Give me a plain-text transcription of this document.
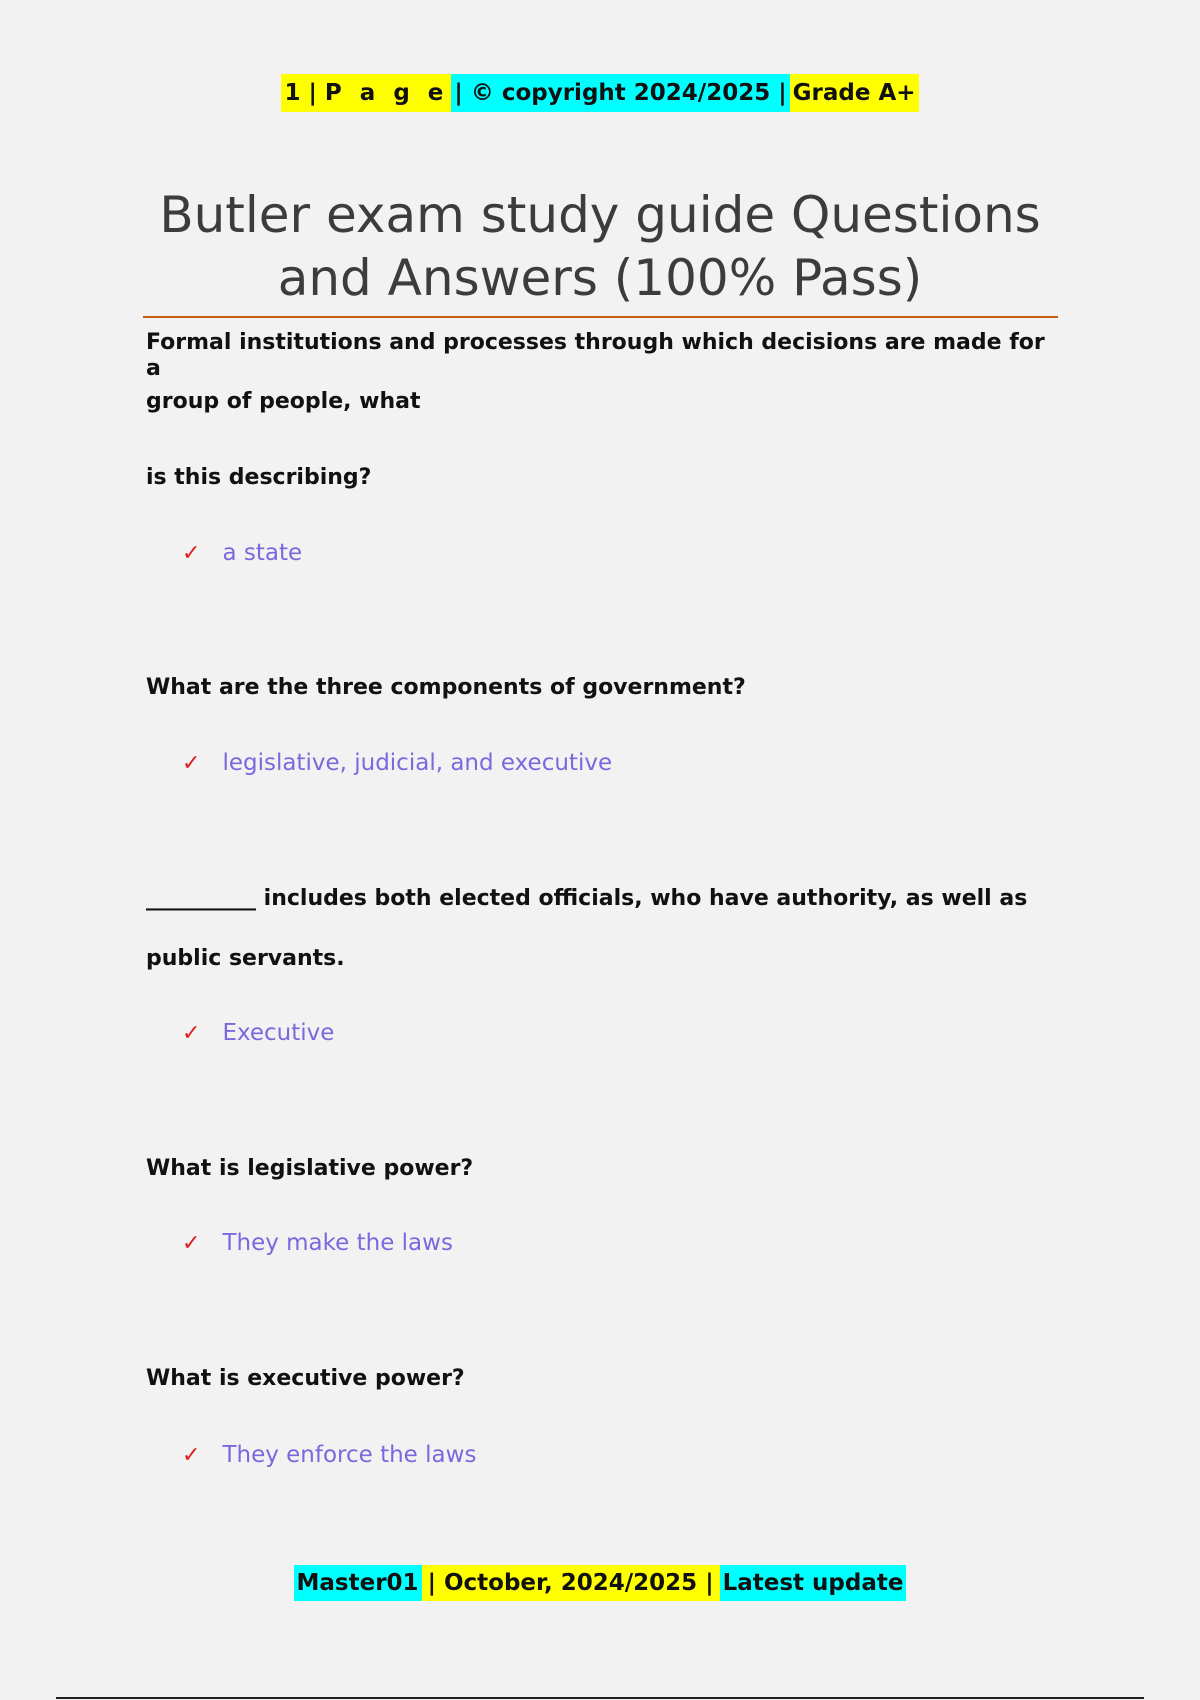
1 | P a g e | © copyright 2024/2025 | Grade A+
Butler exam study guide Questions and Answers (100% Pass)
Formal institutions and processes through which decisions are made for a
group of people, what
is this describing?
✓ a state
What are the three components of government?
✓ legislative, judicial, and executive
__________ includes both elected officials, who have authority, as well as
public servants.
✓ Executive
What is legislative power?
✓ They make the laws
What is executive power?
✓ They enforce the laws
Master01 | October, 2024/2025 | Latest update
